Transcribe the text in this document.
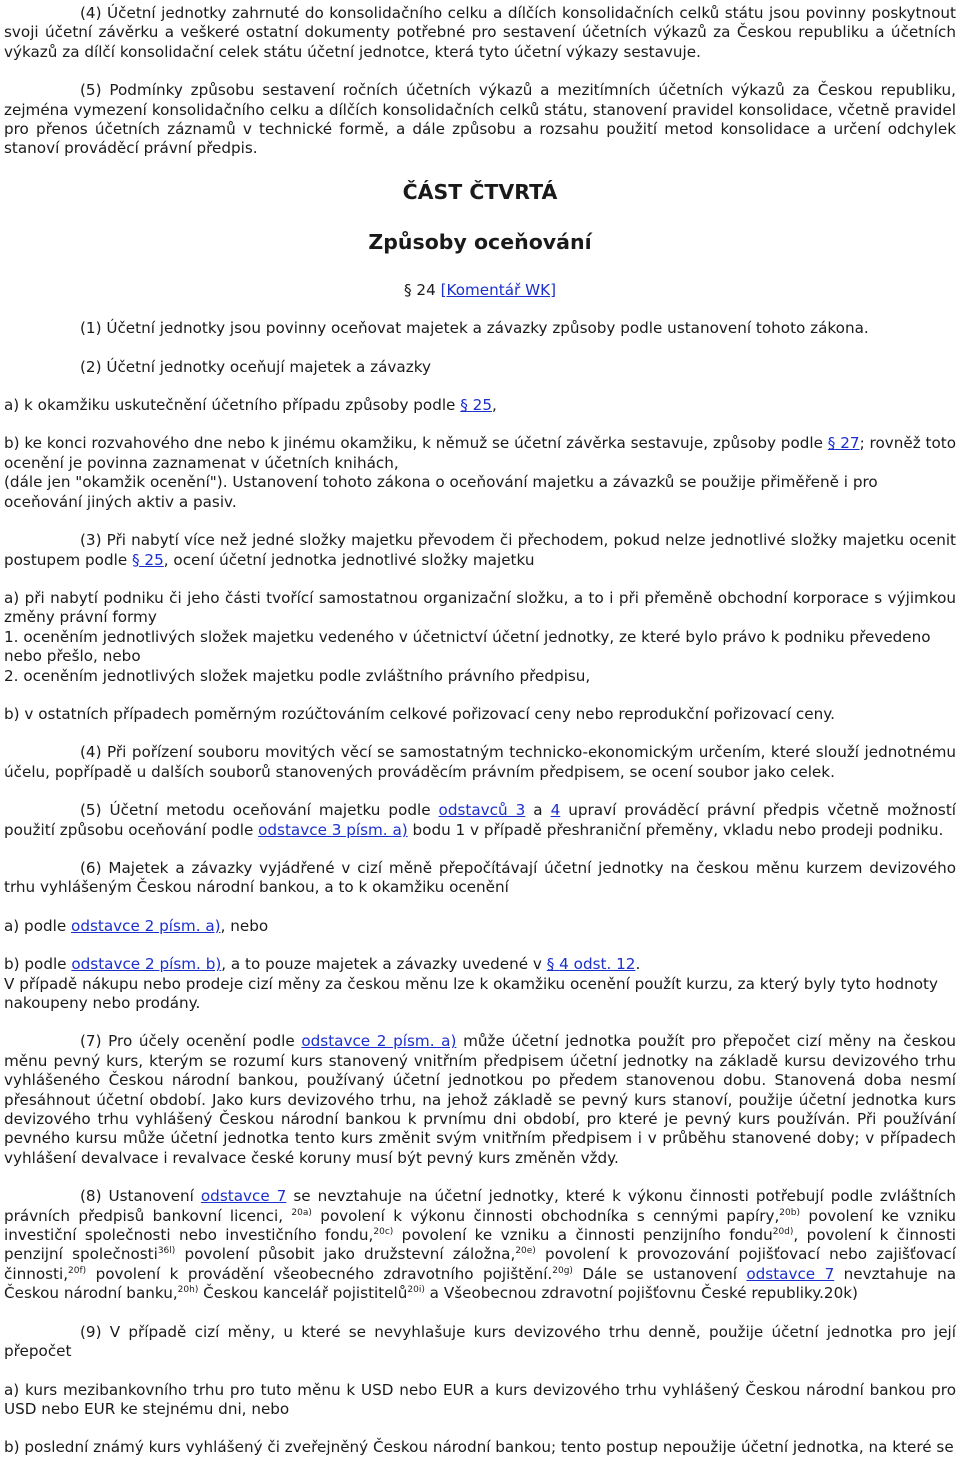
(4) Účetní jednotky zahrnuté do konsolidačního celku a dílčích konsolidačních celků státu jsou povinny poskytnout svoji účetní závěrku a veškeré ostatní dokumenty potřebné pro sestavení účetních výkazů za Českou republiku a účetních výkazů za dílčí konsolidační celek státu účetní jednotce, která tyto účetní výkazy sestavuje.

(5) Podmínky způsobu sestavení ročních účetních výkazů a mezitímních účetních výkazů za Českou republiku, zejména vymezení konsolidačního celku a dílčích konsolidačních celků státu, stanovení pravidel konsolidace, včetně pravidel pro přenos účetních záznamů v technické formě, a dále způsobu a rozsahu použití metod konsolidace a určení odchylek stanoví prováděcí právní předpis.

ČÁST ČTVRTÁ

Způsoby oceňování

§ 24 [Komentář WK]

(1) Účetní jednotky jsou povinny oceňovat majetek a závazky způsoby podle ustanovení tohoto zákona.

(2) Účetní jednotky oceňují majetek a závazky

a) k okamžiku uskutečnění účetního případu způsoby podle § 25,

b) ke konci rozvahového dne nebo k jinému okamžiku, k němuž se účetní závěrka sestavuje, způsoby podle § 27; rovněž toto ocenění je povinna zaznamenat v účetních knihách,

(dále jen "okamžik ocenění"). Ustanovení tohoto zákona o oceňování majetku a závazků se použije přiměřeně i pro oceňování jiných aktiv a pasiv.

(3) Při nabytí více než jedné složky majetku převodem či přechodem, pokud nelze jednotlivé složky majetku ocenit postupem podle § 25, ocení účetní jednotka jednotlivé složky majetku

a) při nabytí podniku či jeho části tvořící samostatnou organizační složku, a to i při přeměně obchodní korporace s výjimkou změny právní formy

1. oceněním jednotlivých složek majetku vedeného v účetnictví účetní jednotky, ze které bylo právo k podniku převedeno nebo přešlo, nebo

2. oceněním jednotlivých složek majetku podle zvláštního právního předpisu,

b) v ostatních případech poměrným rozúčtováním celkové pořizovací ceny nebo reprodukční pořizovací ceny.

(4) Při pořízení souboru movitých věcí se samostatným technicko-ekonomickým určením, které slouží jednotnému účelu, popřípadě u dalších souborů stanovených prováděcím právním předpisem, se ocení soubor jako celek.

(5) Účetní metodu oceňování majetku podle odstavců 3 a 4 upraví prováděcí právní předpis včetně možností použití způsobu oceňování podle odstavce 3 písm. a) bodu 1 v případě přeshraniční přeměny, vkladu nebo prodeji podniku.

(6) Majetek a závazky vyjádřené v cizí měně přepočítávají účetní jednotky na českou měnu kurzem devizového trhu vyhlášeným Českou národní bankou, a to k okamžiku ocenění

a) podle odstavce 2 písm. a), nebo

b) podle odstavce 2 písm. b), a to pouze majetek a závazky uvedené v § 4 odst. 12.

V případě nákupu nebo prodeje cizí měny za českou měnu lze k okamžiku ocenění použít kurzu, za který byly tyto hodnoty nakoupeny nebo prodány.

(7) Pro účely ocenění podle odstavce 2 písm. a) může účetní jednotka použít pro přepočet cizí měny na českou měnu pevný kurs, kterým se rozumí kurs stanovený vnitřním předpisem účetní jednotky na základě kursu devizového trhu vyhlášeného Českou národní bankou, používaný účetní jednotkou po předem stanovenou dobu. Stanovená doba nesmí přesáhnout účetní období. Jako kurs devizového trhu, na jehož základě se pevný kurs stanoví, použije účetní jednotka kurs devizového trhu vyhlášený Českou národní bankou k prvnímu dni období, pro které je pevný kurs používán. Při používání pevného kursu může účetní jednotka tento kurs změnit svým vnitřním předpisem i v průběhu stanovené doby; v případech vyhlášení devalvace i revalvace české koruny musí být pevný kurs změněn vždy.

(8) Ustanovení odstavce 7 se nevztahuje na účetní jednotky, které k výkonu činnosti potřebují podle zvláštních právních předpisů bankovní licenci, $^{20a)}$ povolení k výkonu činnosti obchodníka s cennými papíry,$^{20b)}$ povolení ke vzniku investiční společnosti nebo investičního fondu,$^{20c)}$ povolení ke vzniku a činnosti penzijního fondu$^{20d)}$, povolení k činnosti penzijní společnosti$^{36l)}$ povolení působit jako družstevní záložna,$^{20e)}$ povolení k provozování pojišťovací nebo zajišťovací činnosti,$^{20f)}$ povolení k provádění všeobecného zdravotního pojištění.$^{20g)}$ Dále se ustanovení odstavce 7 nevztahuje na Českou národní banku,$^{20h)}$ Českou kancelář pojistitelů$^{20i)}$ a Všeobecnou zdravotní pojišťovnu České republiky.20k)

(9) V případě cizí měny, u které se nevyhlašuje kurs devizového trhu denně, použije účetní jednotka pro její přepočet

a) kurs mezibankovního trhu pro tuto měnu k USD nebo EUR a kurs devizového trhu vyhlášený Českou národní bankou pro USD nebo EUR ke stejnému dni, nebo

b) poslední známý kurs vyhlášený či zveřejněný Českou národní bankou; tento postup nepoužije účetní jednotka, na které se
